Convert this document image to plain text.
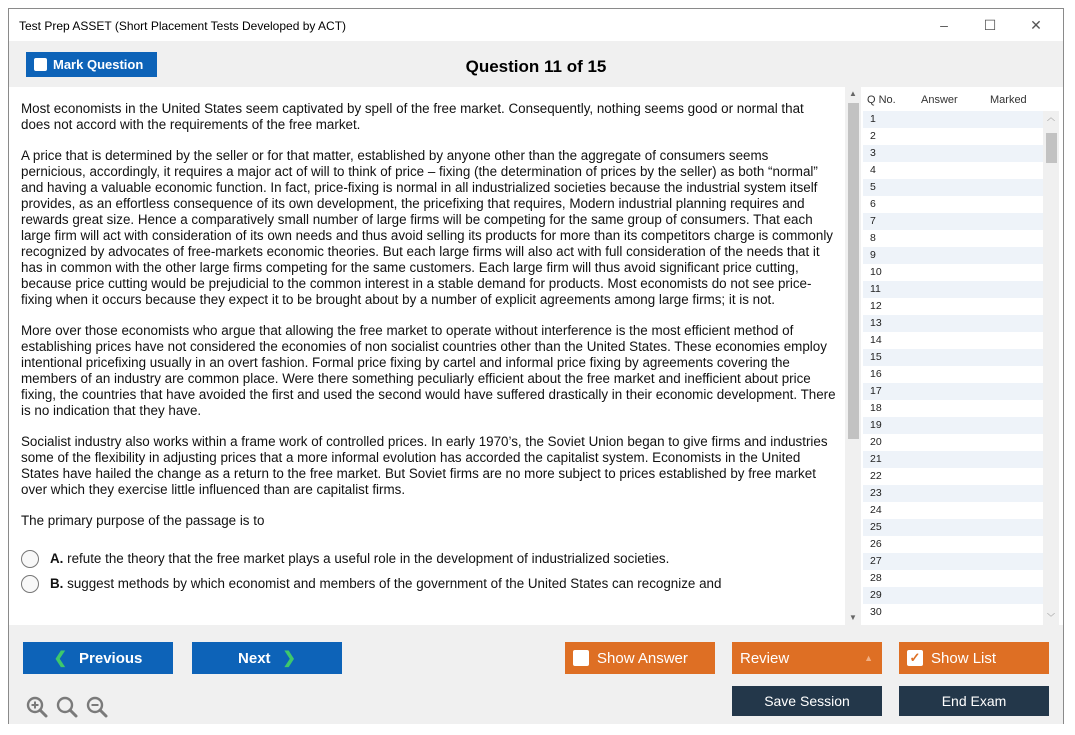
Test Prep ASSET (Short Placement Tests Developed by ACT)	–	☐	✕
Question 11 of 15
Mark Question

Most economists in the United States seem captivated by spell of the free market. Consequently, nothing seems good or normal that does not accord with the requirements of the free market.

A price that is determined by the seller or for that matter, established by anyone other than the aggregate of consumers seems pernicious, accordingly, it requires a major act of will to think of price – fixing (the determination of prices by the seller) as both “normal” and having a valuable economic function. In fact, price-fixing is normal in all industrialized societies because the industrial system itself provides, as an effortless consequence of its own development, the pricefixing that requires, Modern industrial planning requires and rewards great size. Hence a comparatively small number of large firms will be competing for the same group of consumers. That each large firm will act with consideration of its own needs and thus avoid selling its products for more than its competitors charge is commonly recognized by advocates of free-markets economic theories. But each large firms will also act with full consideration of the needs that it has in common with the other large firms competing for the same customers. Each large firm will thus avoid significant price cutting, because price cutting would be prejudicial to the common interest in a stable demand for products. Most economists do not see price-fixing when it occurs because they expect it to be brought about by a number of explicit agreements among large firms; it is not.

More over those economists who argue that allowing the free market to operate without interference is the most efficient method of establishing prices have not considered the economies of non socialist countries other than the United States. These economies employ intentional pricefixing usually in an overt fashion. Formal price fixing by cartel and informal price fixing by agreements covering the members of an industry are common place. Were there something peculiarly efficient about the free market and inefficient about price fixing, the countries that have avoided the first and used the second would have suffered drastically in their economic development. There is no indication that they have.

Socialist industry also works within a frame work of controlled prices. In early 1970’s, the Soviet Union began to give firms and industries some of the flexibility in adjusting prices that a more informal evolution has accorded the capitalist system. Economists in the United States have hailed the change as a return to the free market. But Soviet firms are no more subject to prices established by free market over which they exercise little influenced than are capitalist firms.

The primary purpose of the passage is to

A. refute the theory that the free market plays a useful role in the development of industrialized societies.
B. suggest methods by which economist and members of the government of the United States can recognize and
▲
▼
Q No.	Answer	Marked
1
2
3
4
5
6
7
8
9
10
11
12
13
14
15
16
17
18
19
20
21
22
23
24
25
26
27
28
29
30
︿
﹀
❮ Previous	Next ❯	Show Answer	Review	▲	✓ Show List
Save Session	End Exam
